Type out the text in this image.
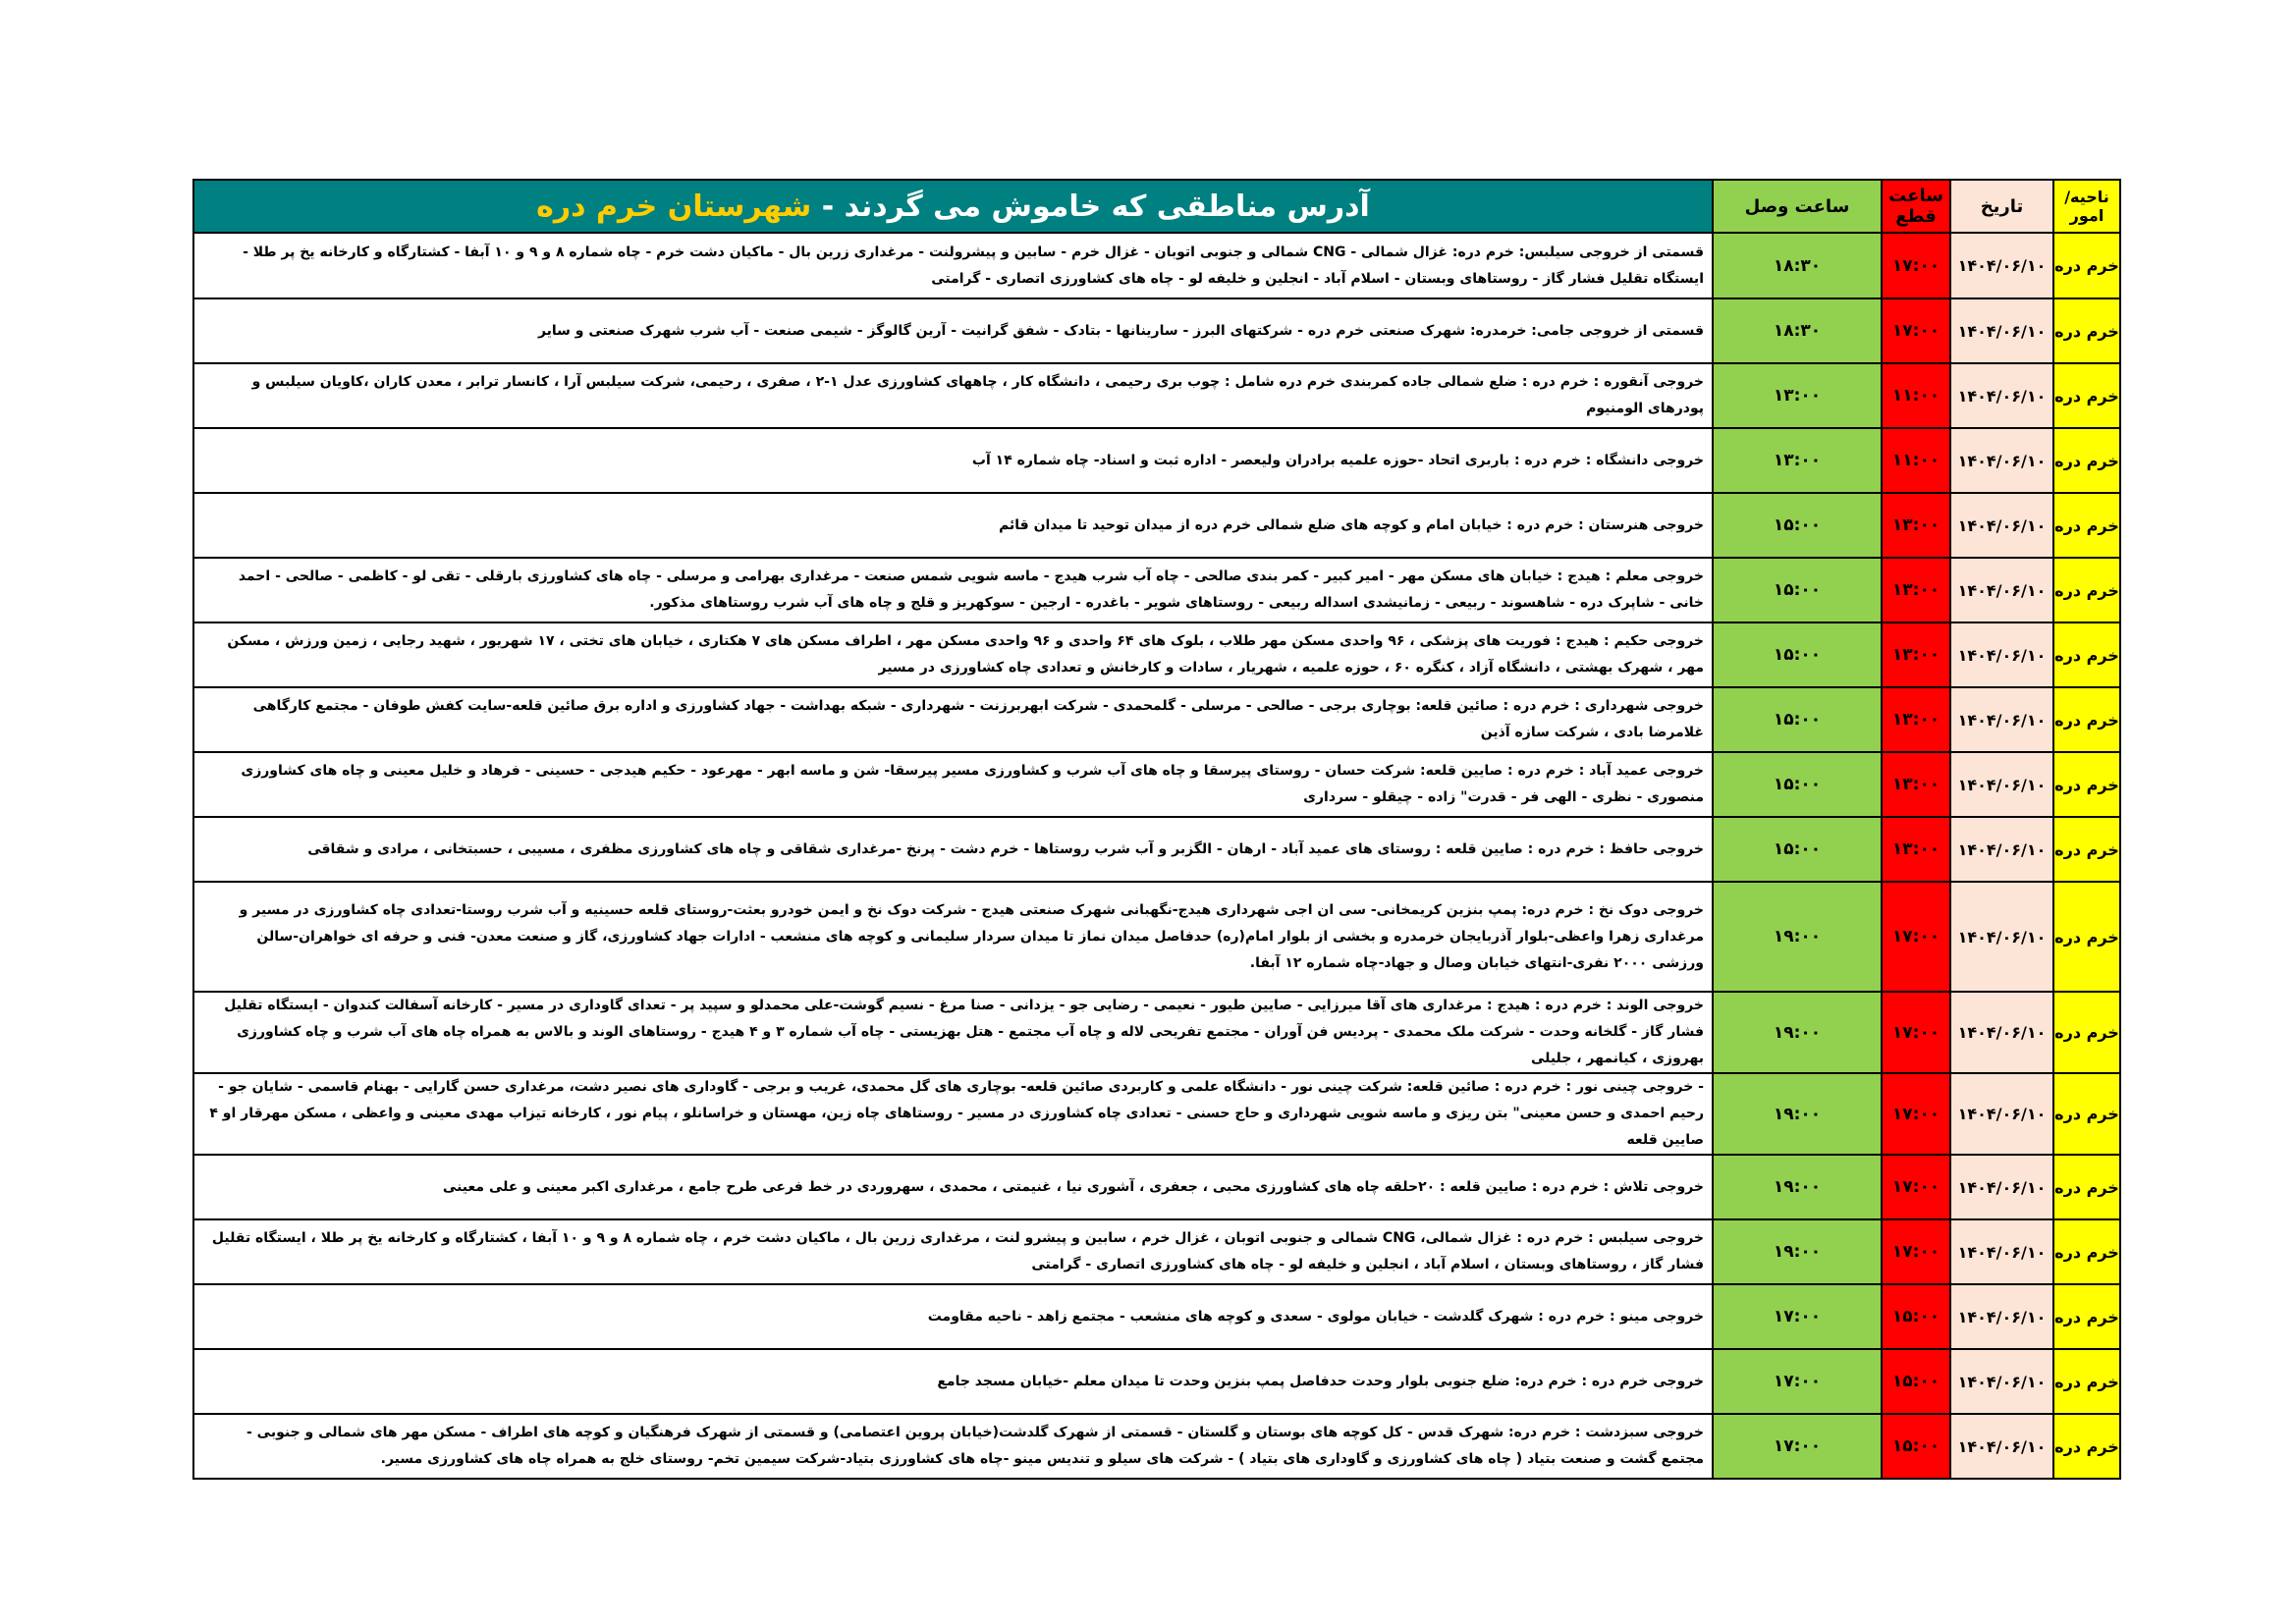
آدرس مناطقی که خاموش می گردند - شهرستان خرم دره	ساعت وصل	ساعت قطع	تاریخ	ناحیه/امور
قسمتی از خروجی سیلبس: خرم دره: غزال شمالی - CNG شمالی و جنوبی اتوبان - غزال خرم - سابین و پیشرولنت - مرغداری زرین بال - ماکیان دشت خرم - چاه شماره ۸ و ۹ و ۱۰ آبفا - کشتارگاه و کارخانه یخ پر طلا - ایستگاه تقلیل فشار گاز - روستاهای وبستان - اسلام آباد - انجلین و خلیفه لو - چاه های کشاورزی اتصاری - گرامتی	۱۸:۳۰	۱۷:۰۰	۱۴۰۴/۰۶/۱۰	خرم دره
قسمتی از خروجی جامی: خرمدره: شهرک صنعتی خرم دره - شرکتهای البرز - سارینانها - بتادک - شفق گرانیت - آرین گالوگز - شیمی صنعت - آب شرب شهرک صنعتی و سایر	۱۸:۳۰	۱۷:۰۰	۱۴۰۴/۰۶/۱۰	خرم دره
خروجی آنقوره : خرم دره : ضلع شمالی جاده کمربندی خرم دره شامل : چوب بری رحیمی ، دانشگاه کار ، چاههای کشاورزی عدل ۱-۲ ، صفری ، رحیمی، شرکت سیلبس آرا ، کانسار ترابر ، معدن کاران ،کاویان سیلبس و پودرهای الومنیوم	۱۳:۰۰	۱۱:۰۰	۱۴۰۴/۰۶/۱۰	خرم دره
خروجی دانشگاه : خرم دره : باربری اتحاد -حوزه علمیه برادران ولیعصر - اداره ثبت و اسناد- چاه شماره ۱۴ آب	۱۳:۰۰	۱۱:۰۰	۱۴۰۴/۰۶/۱۰	خرم دره
خروجی هنرستان : خرم دره : خیابان امام و کوچه های ضلع شمالی خرم دره از میدان توحید تا میدان قائم	۱۵:۰۰	۱۳:۰۰	۱۴۰۴/۰۶/۱۰	خرم دره
خروجی معلم : هیدج : خیابان های مسکن مهر - امیر کبیر - کمر بندی صالحی - چاه آب شرب هیدج - ماسه شویی شمس صنعت - مرغداری بهرامی و مرسلی - چاه های کشاورزی بارقلی - تقی لو - کاظمی - صالحی - احمد خانی - شاپرک دره - شاهسوند - ربیعی - زمانیشدی اسداله ربیعی - روستاهای شویر - باغدره - ارجین - سوکهریز و قلج و چاه های آب شرب روستاهای مذکور.	۱۵:۰۰	۱۳:۰۰	۱۴۰۴/۰۶/۱۰	خرم دره
خروجی حکیم : هیدج : فوریت های پزشکی ، ۹۶ واحدی مسکن مهر طلاب ، بلوک های ۶۴ واحدی و ۹۶ واحدی مسکن مهر ، اطراف مسکن های ۷ هکتاری ، خیابان های تختی ، ۱۷ شهریور ، شهید رجایی ، زمین ورزش ، مسکن مهر ، شهرک بهشتی ، دانشگاه آزاد ، کنگره ۶۰ ، حوزه علمیه ، شهریار ، سادات و کارخانش و تعدادی چاه کشاورزی در مسیر	۱۵:۰۰	۱۳:۰۰	۱۴۰۴/۰۶/۱۰	خرم دره
خروجی شهرداری : خرم دره : صائین قلعه: بوچاری برجی - صالحی - مرسلی - گلمحمدی - شرکت ابهربرزنت - شهرداری - شبکه بهداشت - جهاد کشاورزی و اداره برق صائین قلعه-سایت کفش طوفان - مجتمع کارگاهی غلامرضا بادی ، شرکت سازه آذین	۱۵:۰۰	۱۳:۰۰	۱۴۰۴/۰۶/۱۰	خرم دره
خروجی عمید آباد : خرم دره : صایین قلعه: شرکت حسان - روستای پیرسقا و چاه های آب شرب و کشاورزی مسیر پیرسقا- شن و ماسه ابهر - مهرعود - حکیم هیدجی - حسینی - فرهاد و خلیل معینی و چاه های کشاورزی منصوری - نظری - الهی فر - قدرت" زاده - چیقلو - سرداری	۱۵:۰۰	۱۳:۰۰	۱۴۰۴/۰۶/۱۰	خرم دره
خروجی حافظ : خرم دره : صایین قلعه : روستای های عمید آباد - ارهان - الگزبر و آب شرب روستاها - خرم دشت - پرنخ -مرغداری شقاقی و چاه های کشاورزی مظفری ، مسیبی ، حسبتخانی ، مرادی و شقاقی	۱۵:۰۰	۱۳:۰۰	۱۴۰۴/۰۶/۱۰	خرم دره
خروجی دوک نخ : خرم دره: پمپ بنزین کریمخانی- سی ان اجی شهرداری هیدج-نگهبانی شهرک صنعتی هیدج - شرکت دوک نخ و ایمن خودرو بعثت-روستای قلعه حسینیه و آب شرب روستا-تعدادی چاه کشاورزی در مسیر و مرغداری زهرا واعظی-بلوار آذربایجان خرمدره و بخشی از بلوار امام(ره) حدفاصل میدان نماز تا میدان سردار سلیمانی و کوچه های منشعب - ادارات جهاد کشاورزی، گاز و صنعت معدن- فنی و حرفه ای خواهران-سالن ورزشی ۲۰۰۰ نفری-انتهای خیابان وصال و جهاد-چاه شماره ۱۲ آبفا.	۱۹:۰۰	۱۷:۰۰	۱۴۰۴/۰۶/۱۰	خرم دره
خروجی الوند : خرم دره : هیدج : مرغداری های آقا میرزایی - صایین طیور - نعیمی - رضایی جو - یزدانی - صنا مرغ - نسیم گوشت-علی محمدلو و سپید پر - تعدای گاوداری در مسیر - کارخانه آسفالت کندوان - ایستگاه تقلیل فشار گاز - گلخانه وحدت - شرکت ملک محمدی - پردیس فن آوران - مجتمع تفریحی لاله و چاه آب مجتمع - هتل بهزیستی - چاه آب شماره ۳ و ۴ هیدج - روستاهای الوند و بالاس به همراه چاه های آب شرب و چاه کشاورزی بهروزی ، کیانمهر ، جلیلی	۱۹:۰۰	۱۷:۰۰	۱۴۰۴/۰۶/۱۰	خرم دره
- خروجی چینی نور : خرم دره : صائین قلعه: شرکت چینی نور - دانشگاه علمی و کاربردی صائین قلعه- بوچاری های گل محمدی، غریب و برجی - گاوداری های نصیر دشت، مرغداری حسن گارایی - بهنام قاسمی - شایان جو - رحیم احمدی و حسن معینی" بتن ریزی و ماسه شویی شهرداری و حاج حسنی - تعدادی چاه کشاورزی در مسیر - روستاهای چاه زین، مهستان و خراسانلو ، پیام نور ، کارخانه تیزاب مهدی معینی و واعظی ، مسکن مهرقار او ۴ صایین قلعه	۱۹:۰۰	۱۷:۰۰	۱۴۰۴/۰۶/۱۰	خرم دره
خروجی تلاش : خرم دره : صایین قلعه : ۲۰حلقه چاه های کشاورزی محبی ، جعفری ، آشوری نیا ، غنیمتی ، محمدی ، سهروردی در خط فرعی طرح جامع ، مرغداری اکبر معینی و علی معینی	۱۹:۰۰	۱۷:۰۰	۱۴۰۴/۰۶/۱۰	خرم دره
خروجی سیلبس : خرم دره : غزال شمالی، CNG شمالی و جنوبی اتوبان ، غزال خرم ، سابین و پیشرو لنت ، مرغداری زرین بال ، ماکیان دشت خرم ، چاه شماره ۸ و ۹ و ۱۰ آبفا ، کشتارگاه و کارخانه یخ پر طلا ، ایستگاه تقلیل فشار گاز ، روستاهای وبستان ، اسلام آباد ، انجلین و خلیفه لو - چاه های کشاورزی اتصاری - گرامتی	۱۹:۰۰	۱۷:۰۰	۱۴۰۴/۰۶/۱۰	خرم دره
خروجی مینو : خرم دره : شهرک گلدشت - خیابان مولوی - سعدی و کوچه های منشعب - مجتمع زاهد - ناحیه مقاومت	۱۷:۰۰	۱۵:۰۰	۱۴۰۴/۰۶/۱۰	خرم دره
خروجی خرم دره : خرم دره: ضلع جنوبی بلوار وحدت حدفاصل پمپ بنزین وحدت تا میدان معلم -خیابان مسجد جامع	۱۷:۰۰	۱۵:۰۰	۱۴۰۴/۰۶/۱۰	خرم دره
خروجی سبزدشت : خرم دره: شهرک قدس - کل کوچه های بوستان و گلستان - قسمتی از شهرک گلدشت(خیابان پروین اعتصامی) و قسمتی از شهرک فرهنگیان و کوچه های اطراف - مسکن مهر های شمالی و جنوبی - مجتمع گشت و صنعت بتیاد ( چاه های کشاورزی و گاوداری های بتیاد ) - شرکت های سیلو و تندیس مینو -چاه های کشاورزی بتیاد-شرکت سیمین تخم- روستای خلج به همراه چاه های کشاورزی مسیر.	۱۷:۰۰	۱۵:۰۰	۱۴۰۴/۰۶/۱۰	خرم دره
